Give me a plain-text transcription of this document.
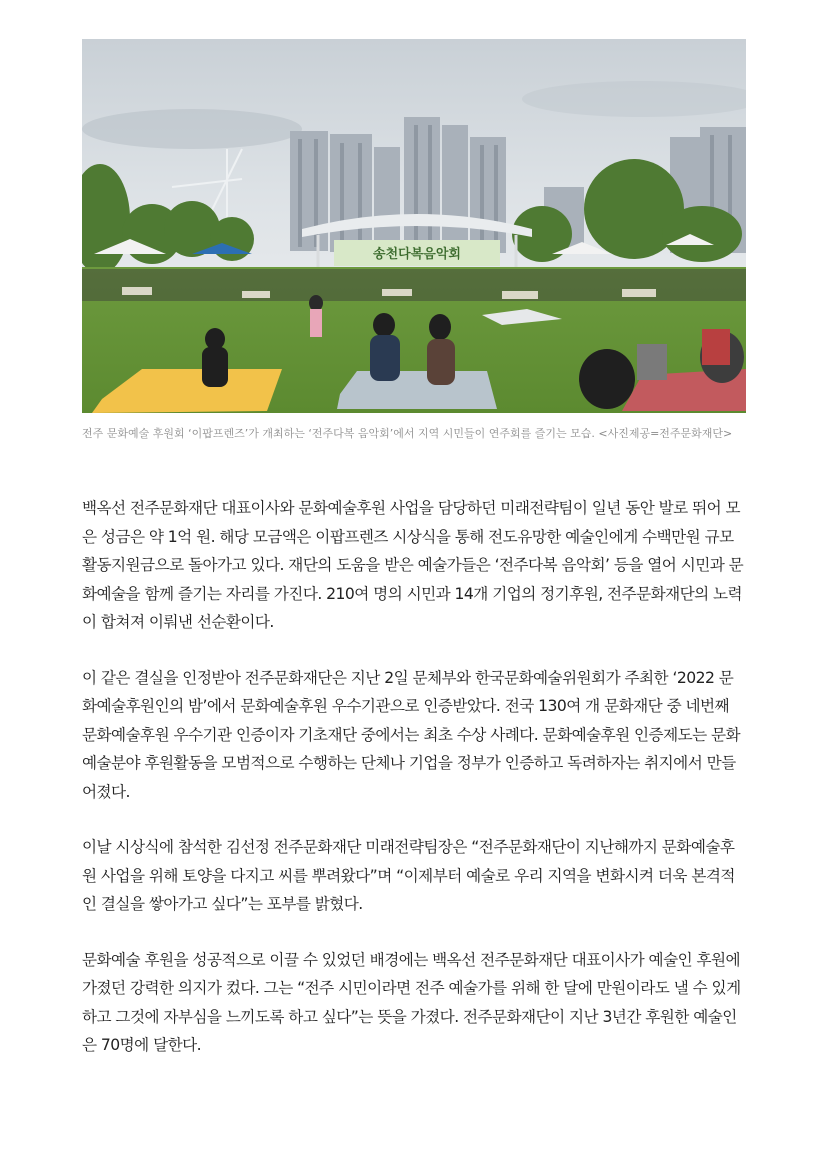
송천다복음악회

전주 문화예술 후원회 ‘이팝프렌즈’가 개최하는 ‘전주다복 음악회’에서 지역 시민들이 연주회를 즐기는 모습. <사진제공=전주문화재단>

백옥선 전주문화재단 대표이사와 문화예술후원 사업을 담당하던 미래전략팀이 일년 동안 발로 뛰어 모은 성금은 약 1억 원. 해당 모금액은 이팝프렌즈 시상식을 통해 전도유망한 예술인에게 수백만원 규모 활동지원금으로 돌아가고 있다. 재단의 도움을 받은 예술가들은 ‘전주다복 음악회’ 등을 열어 시민과 문화예술을 함께 즐기는 자리를 가진다. 210여 명의 시민과 14개 기업의 정기후원, 전주문화재단의 노력이 합쳐져 이뤄낸 선순환이다.

이 같은 결실을 인정받아 전주문화재단은 지난 2일 문체부와 한국문화예술위원회가 주최한 ‘2022 문화예술후원인의 밤’에서 문화예술후원 우수기관으로 인증받았다. 전국 130여 개 문화재단 중 네번째 문화예술후원 우수기관 인증이자 기초재단 중에서는 최초 수상 사례다. 문화예술후원 인증제도는 문화예술분야 후원활동을 모범적으로 수행하는 단체나 기업을 정부가 인증하고 독려하자는 취지에서 만들어졌다.

이날 시상식에 참석한 김선정 전주문화재단 미래전략팀장은 “전주문화재단이 지난해까지 문화예술후원 사업을 위해 토양을 다지고 씨를 뿌려왔다”며 “이제부터 예술로 우리 지역을 변화시켜 더욱 본격적인 결실을 쌓아가고 싶다”는 포부를 밝혔다.

문화예술 후원을 성공적으로 이끌 수 있었던 배경에는 백옥선 전주문화재단 대표이사가 예술인 후원에 가졌던 강력한 의지가 컸다. 그는 “전주 시민이라면 전주 예술가를 위해 한 달에 만원이라도 낼 수 있게 하고 그것에 자부심을 느끼도록 하고 싶다”는 뜻을 가졌다. 전주문화재단이 지난 3년간 후원한 예술인은 70명에 달한다.
